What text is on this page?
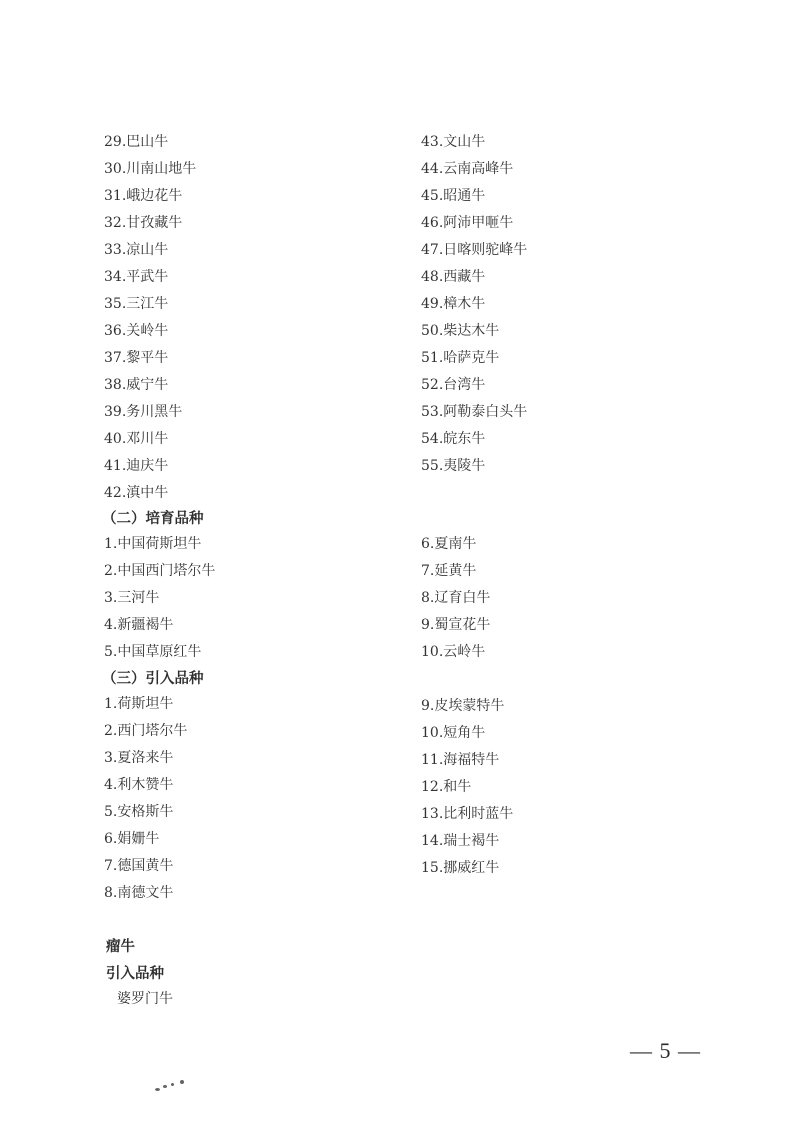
29.巴山牛
30.川南山地牛
31.峨边花牛
32.甘孜藏牛
33.凉山牛
34.平武牛
35.三江牛
36.关岭牛
37.黎平牛
38.威宁牛
39.务川黑牛
40.邓川牛
41.迪庆牛
42.滇中牛
43.文山牛
44.云南高峰牛
45.昭通牛
46.阿沛甲咂牛
47.日喀则驼峰牛
48.西藏牛
49.樟木牛
50.柴达木牛
51.哈萨克牛
52.台湾牛
53.阿勒泰白头牛
54.皖东牛
55.夷陵牛
（二）培育品种
1.中国荷斯坦牛
2.中国西门塔尔牛
3.三河牛
4.新疆褐牛
5.中国草原红牛
6.夏南牛
7.延黄牛
8.辽育白牛
9.蜀宣花牛
10.云岭牛
（三）引入品种
1.荷斯坦牛
2.西门塔尔牛
3.夏洛来牛
4.利木赞牛
5.安格斯牛
6.娟姗牛
7.德国黄牛
8.南德文牛
9.皮埃蒙特牛
10.短角牛
11.海福特牛
12.和牛
13.比利时蓝牛
14.瑞士褐牛
15.挪威红牛
瘤牛
引入品种

婆罗门牛

— 5 —
